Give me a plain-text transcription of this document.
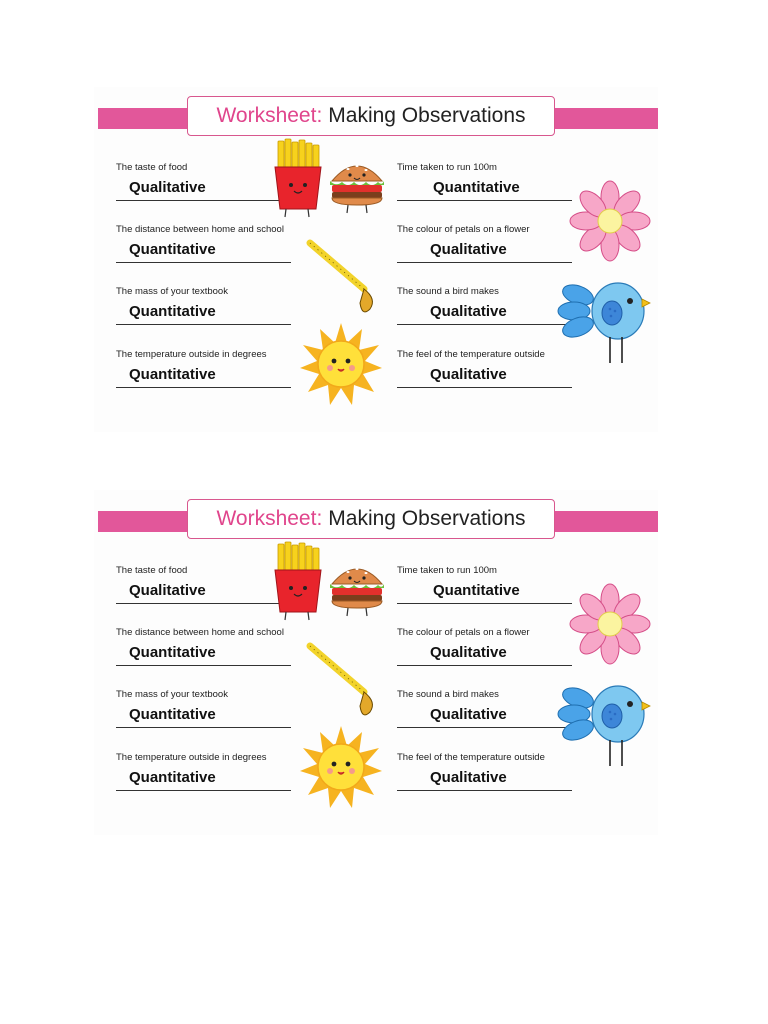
Worksheet: Making Observations
The taste of food
Qualitative
The distance between home and school
Quantitative
The mass of your textbook
Quantitative
The temperature outside in degrees
Quantitative
Time taken to run 100m
Quantitative
The colour of petals on a flower
Qualitative
The sound a bird makes
Qualitative
The feel of the temperature outside
Qualitative
Worksheet: Making Observations
The taste of food
Qualitative
The distance between home and school
Quantitative
The mass of your textbook
Quantitative
The temperature outside in degrees
Quantitative
Time taken to run 100m
Quantitative
The colour of petals on a flower
Qualitative
The sound a bird makes
Qualitative
The feel of the temperature outside
Qualitative
